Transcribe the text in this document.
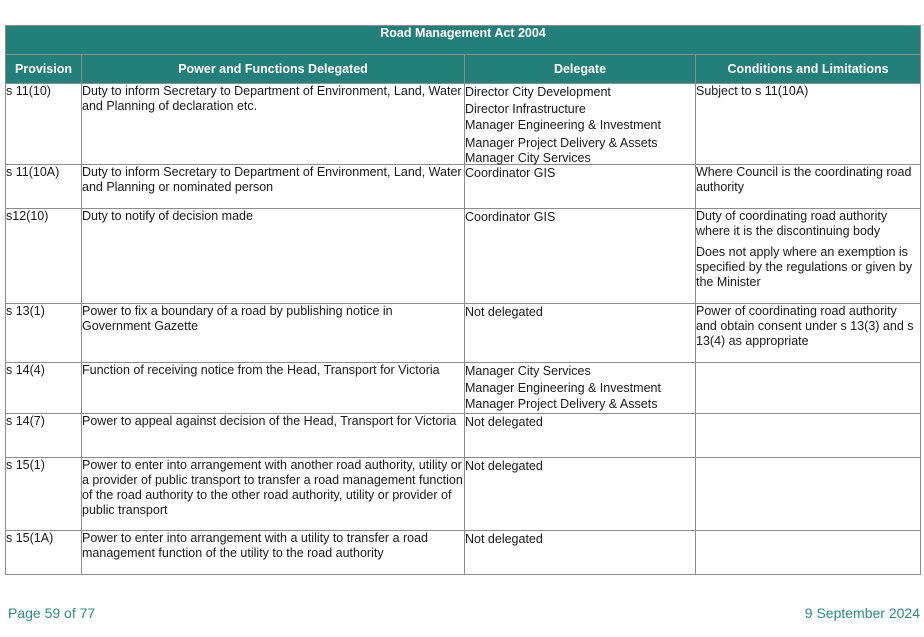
Road Management Act 2004			
Provision	Power and Functions Delegated	Delegate	Conditions and Limitations
s 11(10)	Duty to inform Secretary to Department of Environment, Land, Water and Planning of declaration etc.	Director City Development
Director Infrastructure
Manager Engineering & Investment
Manager Project Delivery & Assets
Manager City Services	Subject to s 11(10A)

s 11(10A)	Duty to inform Secretary to Department of Environment, Land, Water and Planning or nominated person	Coordinator GIS	Where Council is the coordinating road authority

s12(10)	Duty to notify of decision made	Coordinator GIS	Duty of coordinating road authority where it is the discontinuing body
Does not apply where an exemption is specified by the regulations or given by the Minister

s 13(1)	Power to fix a boundary of a road by publishing notice in Government Gazette	Not delegated	Power of coordinating road authority and obtain consent under s 13(3) and s 13(4) as appropriate

s 14(4)	Function of receiving notice from the Head, Transport for Victoria	Manager City Services
Manager Engineering & Investment
Manager Project Delivery & Assets	

s 14(7)	Power to appeal against decision of the Head, Transport for Victoria	Not delegated	

s 15(1)	Power to enter into arrangement with another road authority, utility or a provider of public transport to transfer a road management function of the road authority to the other road authority, utility or provider of public transport	Not delegated	

s 15(1A)	Power to enter into arrangement with a utility to transfer a road management function of the utility to the road authority	Not delegated	

Page 59 of 77	9 September 2024
